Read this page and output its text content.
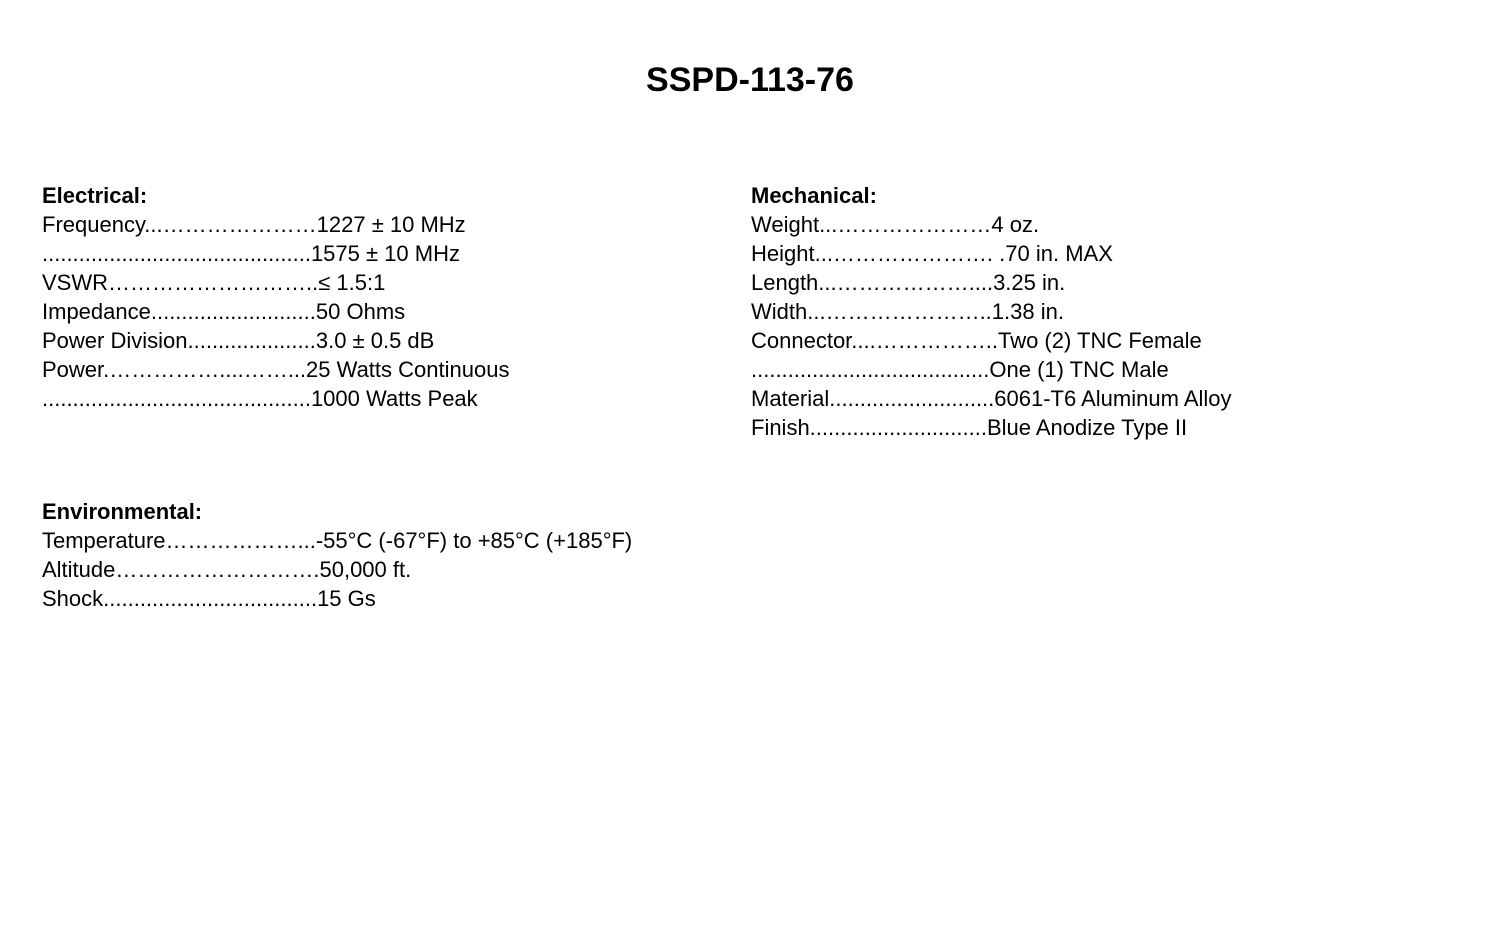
SSPD-113-76
Electrical:
Frequency...…………………1227 ± 10 MHz
............................................1575 ± 10 MHz
VSWR………………………..≤ 1.5:1
Impedance...........................50 Ohms
Power Division.....................3.0 ± 0.5 dB
Power.……………....……...25 Watts Continuous
............................................1000 Watts Peak
Mechanical:
Weight...…………………4 oz.
Height...…………………. .70 in. MAX
Length...………………....3.25 in.
Width...…………………..1.38 in.
Connector....……………..Two (2) TNC Female
.......................................One (1) TNC Male
Material...........................6061-T6 Aluminum Alloy
Finish.............................Blue Anodize Type II
Environmental:
Temperature………………...-55°C (-67°F) to +85°C (+185°F)
Altitude……………………….50,000 ft.
Shock...................................15 Gs
